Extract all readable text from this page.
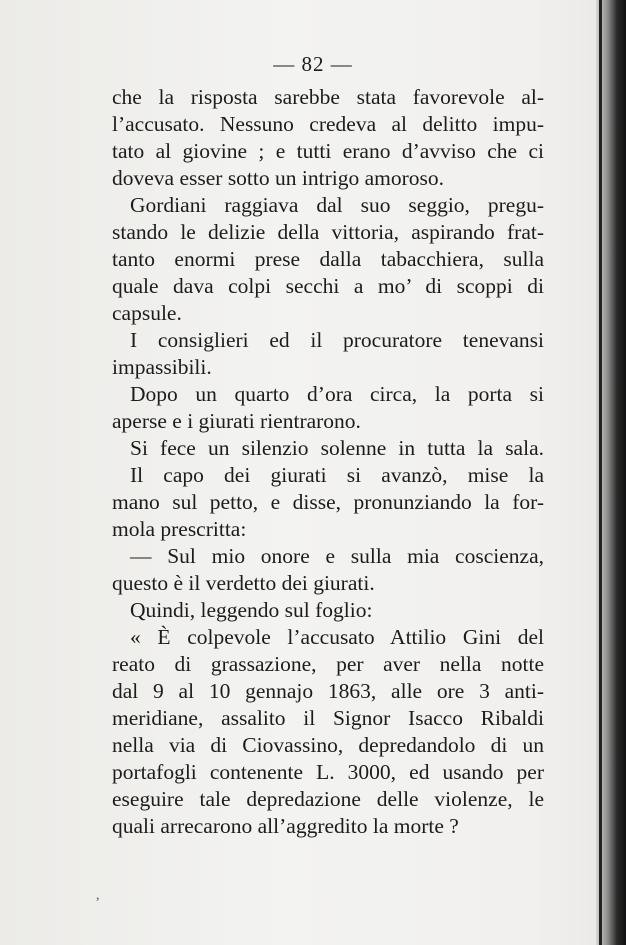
— 82 —
che la risposta sarebbe stata favorevole al-
l’accusato. Nessuno credeva al delitto impu-
tato al giovine ; e tutti erano d’avviso che ci
doveva esser sotto un intrigo amoroso.
Gordiani raggiava dal suo seggio, pregu-
stando le delizie della vittoria, aspirando frat-
tanto enormi prese dalla tabacchiera, sulla
quale dava colpi secchi a mo’ di scoppi di
capsule.
I consiglieri ed il procuratore tenevansi
impassibili.
Dopo un quarto d’ora circa, la porta si
aperse e i giurati rientrarono.
Si fece un silenzio solenne in tutta la sala.
Il capo dei giurati si avanzò, mise la
mano sul petto, e disse, pronunziando la for-
mola prescritta:
— Sul mio onore e sulla mia coscienza,
questo è il verdetto dei giurati.
Quindi, leggendo sul foglio:
« È colpevole l’accusato Attilio Gini del
reato di grassazione, per aver nella notte
dal 9 al 10 gennajo 1863, alle ore 3 anti-
meridiane, assalito il Signor Isacco Ribaldi
nella via di Ciovassino, depredandolo di un
portafogli contenente L. 3000, ed usando per
eseguire tale depredazione delle violenze, le
quali arrecarono all’aggredito la morte ?
,
